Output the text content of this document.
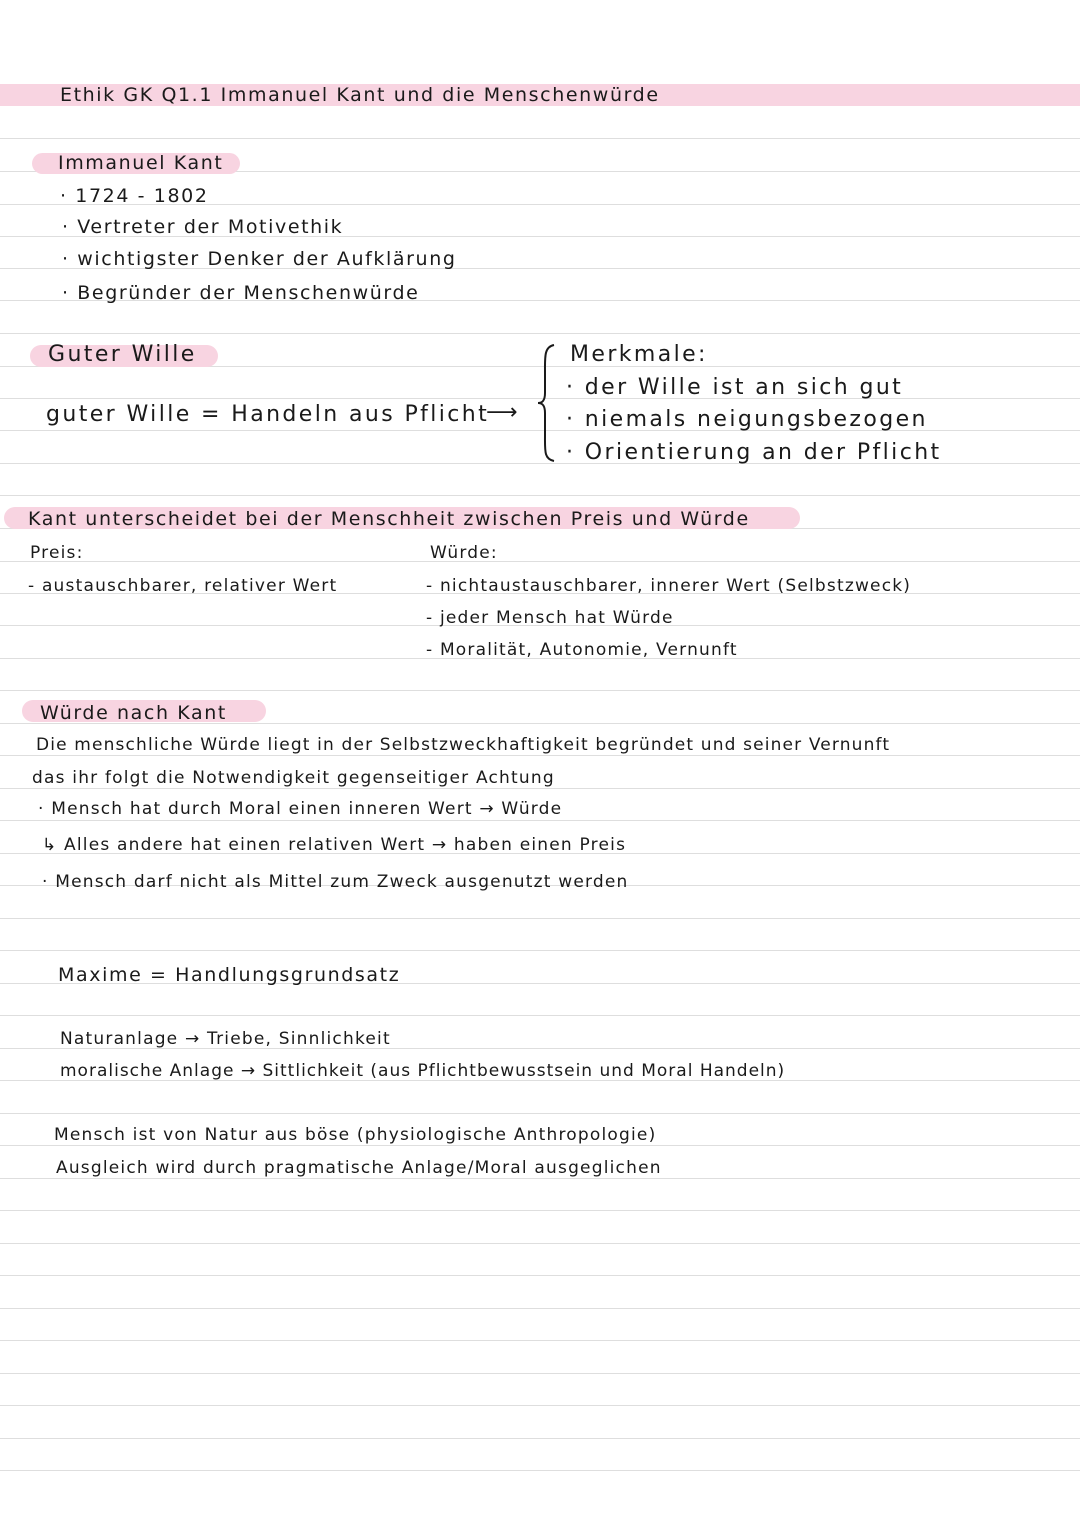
Ethik GK Q1.1 Immanuel Kant und die Menschenwürde
Immanuel Kant
· 1724 - 1802
· Vertreter der Motivethik
· wichtigster Denker der Aufklärung
· Begründer der Menschenwürde
Guter Wille
guter Wille = Handeln aus Pflicht
⟶
Merkmale:
· der Wille ist an sich gut
· niemals neigungsbezogen
· Orientierung an der Pflicht
Kant unterscheidet bei der Menschheit zwischen Preis und Würde
Preis:
- austauschbarer, relativer Wert
Würde:
- nichtaustauschbarer, innerer Wert (Selbstzweck)
- jeder Mensch hat Würde
- Moralität, Autonomie, Vernunft
Würde nach Kant
Die menschliche Würde liegt in der Selbstzweckhaftigkeit begründet und seiner Vernunft
das ihr folgt die Notwendigkeit gegenseitiger Achtung
· Mensch hat durch Moral einen inneren Wert → Würde
↳ Alles andere hat einen relativen Wert → haben einen Preis
· Mensch darf nicht als Mittel zum Zweck ausgenutzt werden
Maxime = Handlungsgrundsatz
Naturanlage → Triebe, Sinnlichkeit
moralische Anlage → Sittlichkeit (aus Pflichtbewusstsein und Moral Handeln)
Mensch ist von Natur aus böse (physiologische Anthropologie)
Ausgleich wird durch pragmatische Anlage/Moral ausgeglichen
